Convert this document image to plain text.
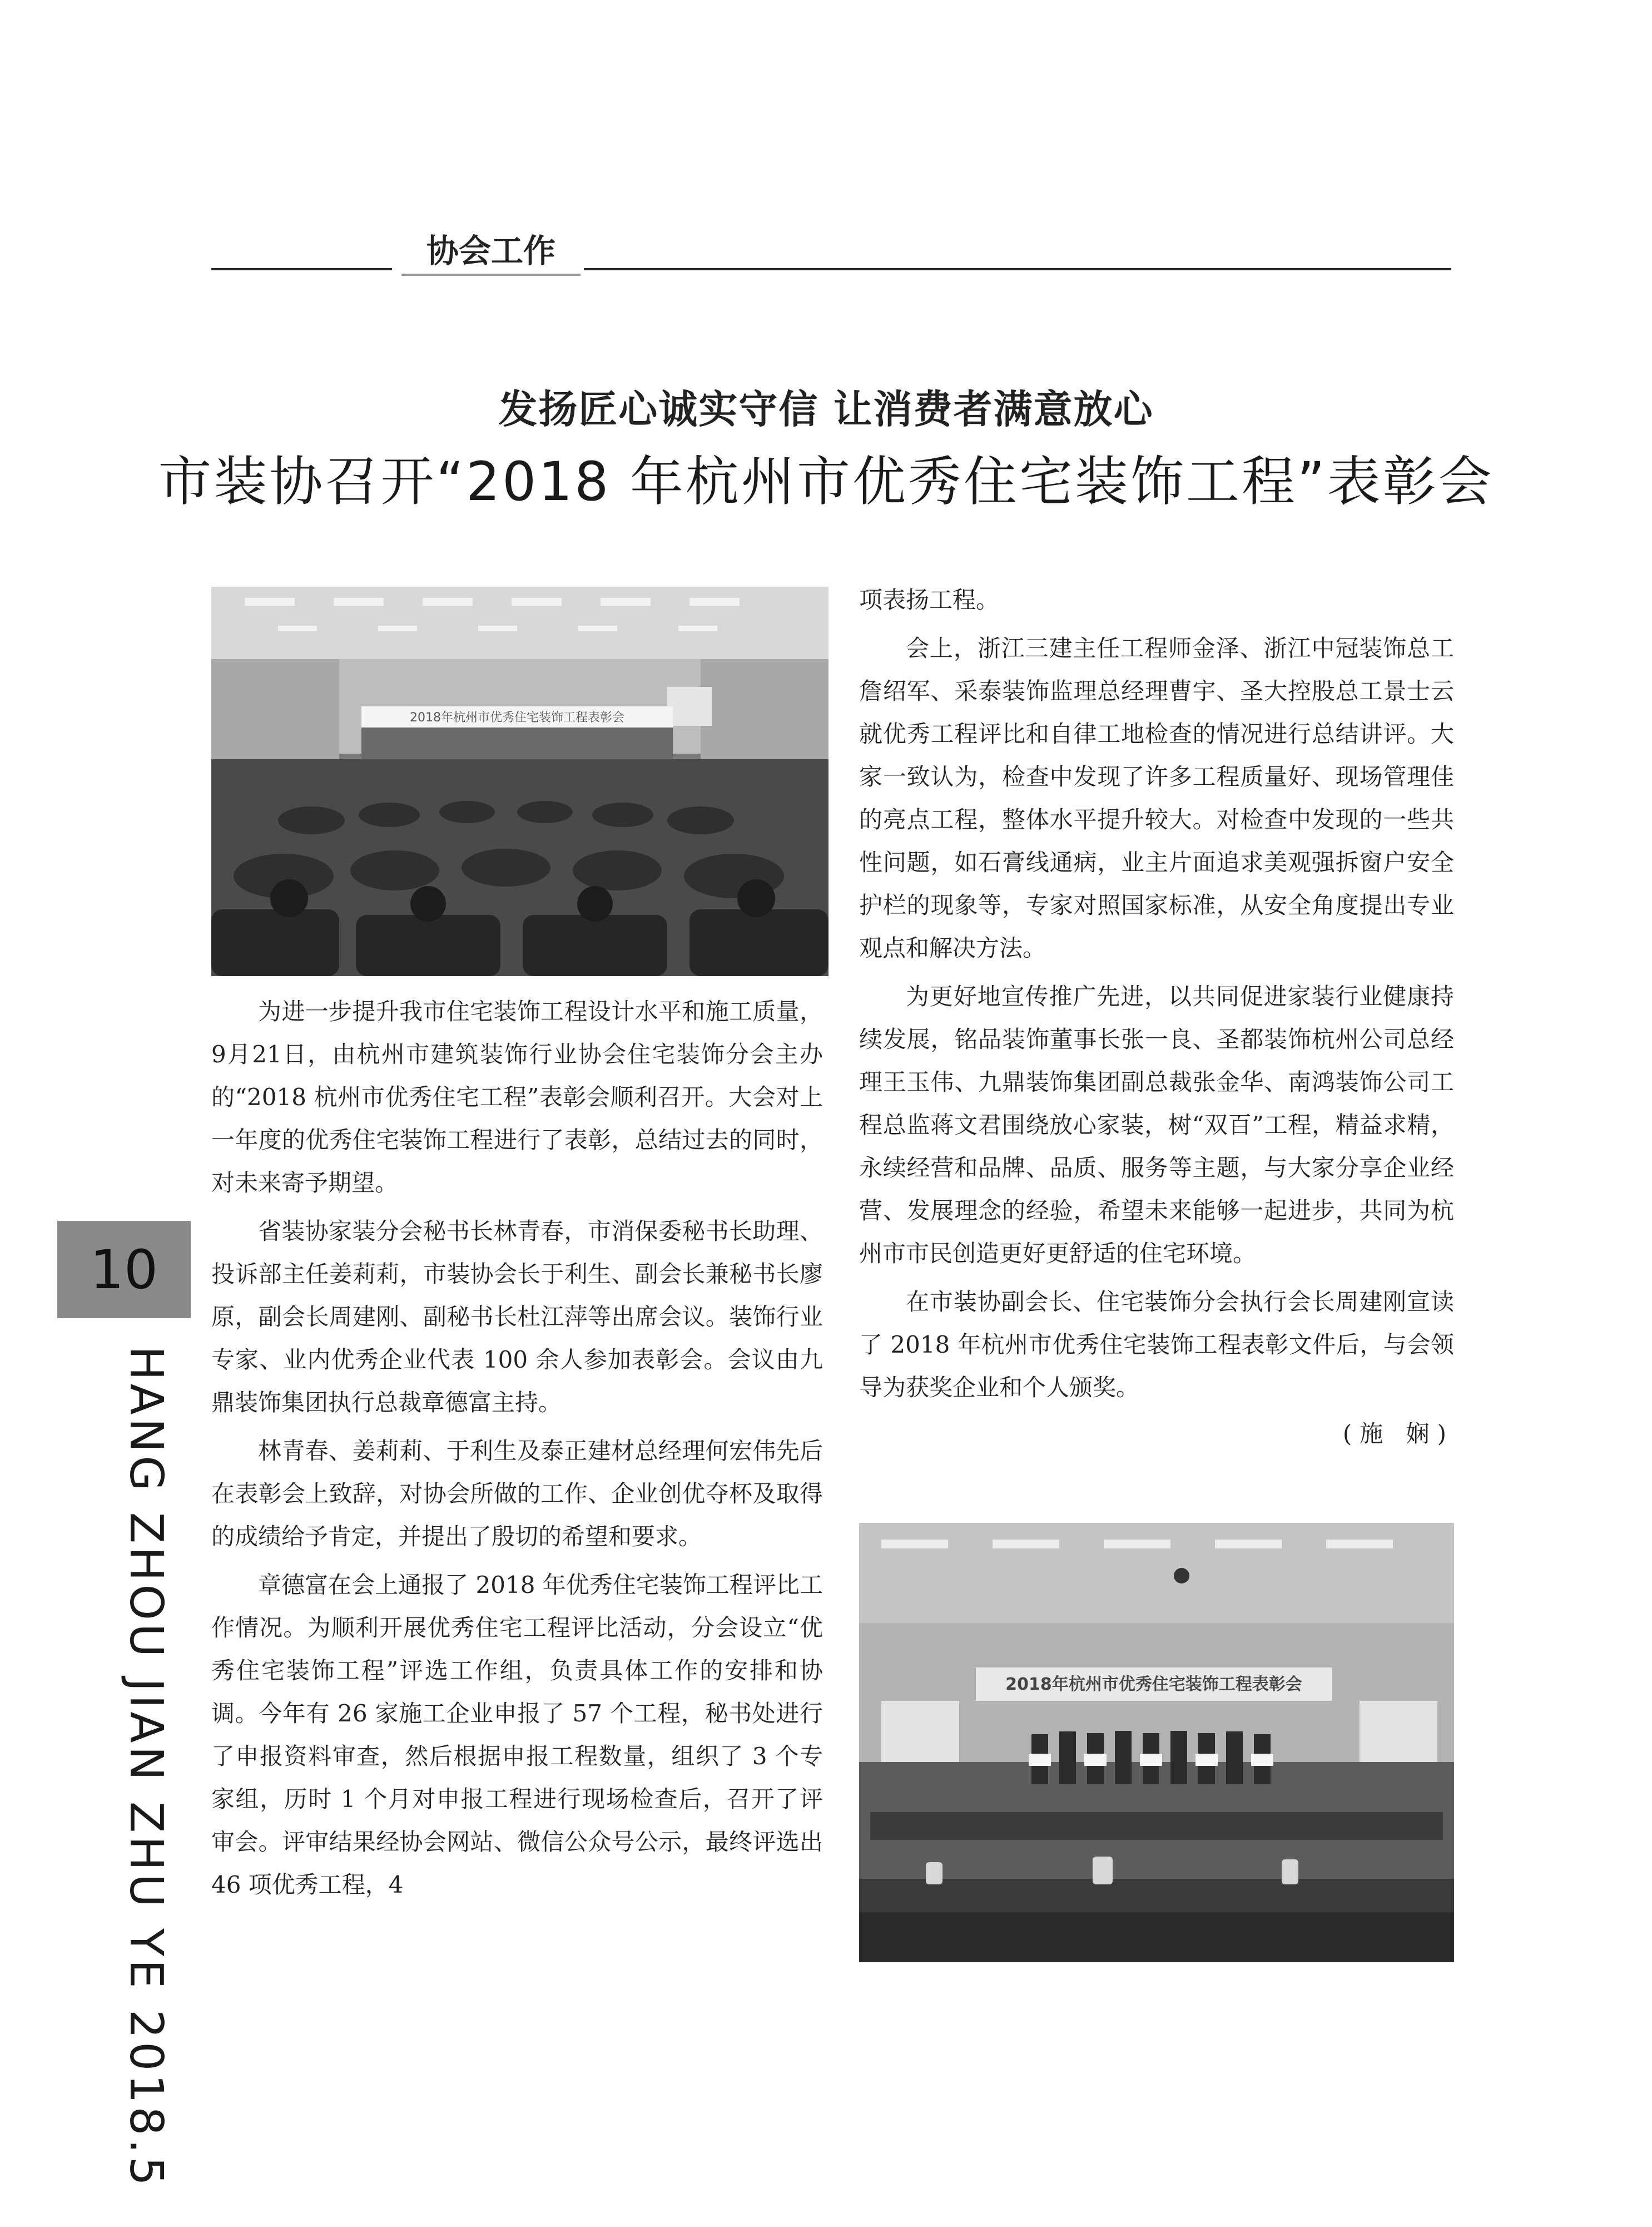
协会工作
发扬匠心诚实守信 让消费者满意放心
市装协召开“2018 年杭州市优秀住宅装饰工程”表彰会
2018年杭州市优秀住宅装饰工程表彰会

为进一步提升我市住宅装饰工程设计水平和施工质量，9月21日，由杭州市建筑装饰行业协会住宅装饰分会主办的“2018 杭州市优秀住宅工程”表彰会顺利召开。大会对上一年度的优秀住宅装饰工程进行了表彰，总结过去的同时，对未来寄予期望。

省装协家装分会秘书长林青春，市消保委秘书长助理、投诉部主任姜莉莉，市装协会长于利生、副会长兼秘书长廖原，副会长周建刚、副秘书长杜江萍等出席会议。装饰行业专家、业内优秀企业代表 100 余人参加表彰会。会议由九鼎装饰集团执行总裁章德富主持。

林青春、姜莉莉、于利生及泰正建材总经理何宏伟先后在表彰会上致辞，对协会所做的工作、企业创优夺杯及取得的成绩给予肯定，并提出了殷切的希望和要求。

章德富在会上通报了 2018 年优秀住宅装饰工程评比工作情况。为顺利开展优秀住宅工程评比活动，分会设立“优秀住宅装饰工程”评选工作组，负责具体工作的安排和协调。今年有 26 家施工企业申报了 57 个工程，秘书处进行了申报资料审查，然后根据申报工程数量，组织了 3 个专家组，历时 1 个月对申报工程进行现场检查后，召开了评审会。评审结果经协会网站、微信公众号公示，最终评选出 46 项优秀工程，4

项表扬工程。

会上，浙江三建主任工程师金泽、浙江中冠装饰总工詹绍军、采泰装饰监理总经理曹宇、圣大控股总工景士云就优秀工程评比和自律工地检查的情况进行总结讲评。大家一致认为，检查中发现了许多工程质量好、现场管理佳的亮点工程，整体水平提升较大。对检查中发现的一些共性问题，如石膏线通病，业主片面追求美观强拆窗户安全护栏的现象等，专家对照国家标准，从安全角度提出专业观点和解决方法。

为更好地宣传推广先进，以共同促进家装行业健康持续发展，铭品装饰董事长张一良、圣都装饰杭州公司总经理王玉伟、九鼎装饰集团副总裁张金华、南鸿装饰公司工程总监蒋文君围绕放心家装，树“双百”工程，精益求精，永续经营和品牌、品质、服务等主题，与大家分享企业经营、发展理念的经验，希望未来能够一起进步，共同为杭州市市民创造更好更舒适的住宅环境。

在市装协副会长、住宅装饰分会执行会长周建刚宣读了 2018 年杭州市优秀住宅装饰工程表彰文件后，与会领导为获奖企业和个人颁奖。

(施 娴)
2018年杭州市优秀住宅装饰工程表彰会
10
HANG ZHOU JIAN ZHU YE 2018.5
